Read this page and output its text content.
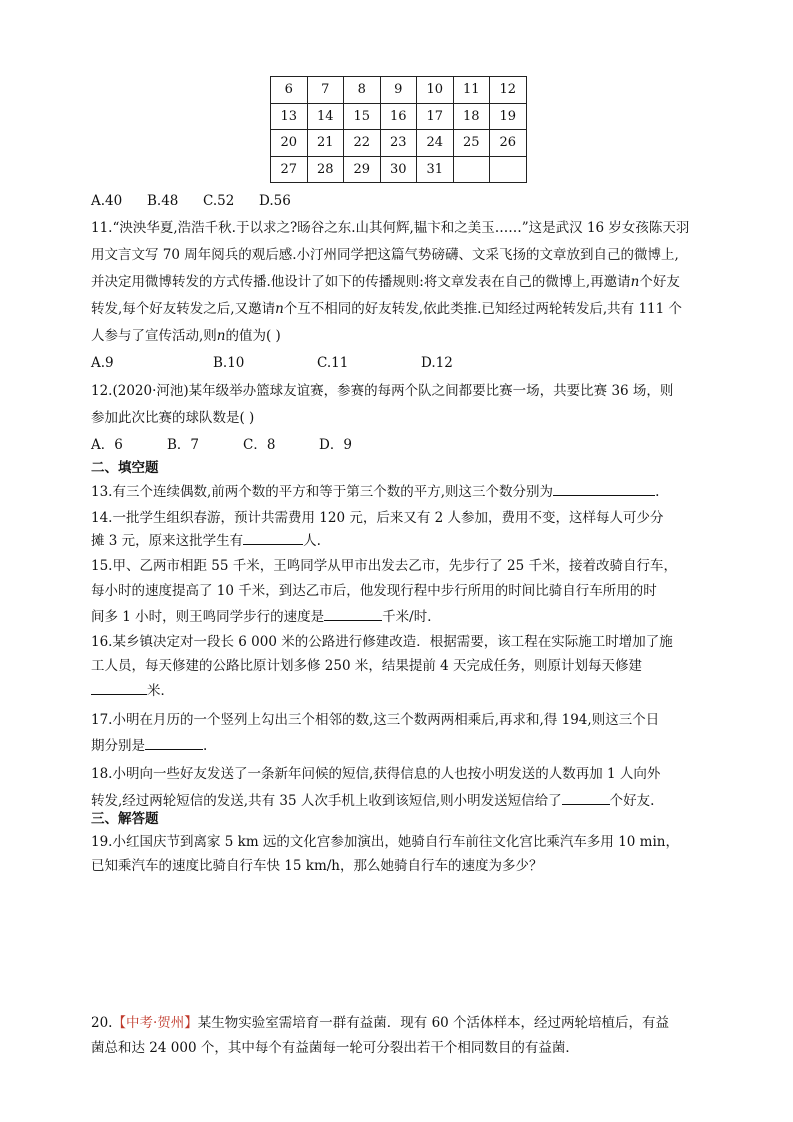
6	7	8	9	10	11	12
13	14	15	16	17	18	19
20	21	22	23	24	25	26
27	28	29	30	31		
A.40 B.48 C.52 D.56
11.“泱泱华夏,浩浩千秋.于以求之?旸谷之东.山其何辉,韫卞和之美玉……”这是武汉 16 岁女孩陈天羽
用文言文写 70 周年阅兵的观后感.小汀州同学把这篇气势磅礴、文采飞扬的文章放到自己的微博上,
并决定用微博转发的方式传播.他设计了如下的传播规则:将文章发表在自己的微博上,再邀请n个好友
转发,每个好友转发之后,又邀请n个互不相同的好友转发,依此类推.已知经过两轮转发后,共有 111 个
人参与了宣传活动,则n的值为( )
A.9	B.10	C.11	D.12
12.(2020·河池)某年级举办篮球友谊赛，参赛的每两个队之间都要比赛一场，共要比赛 36 场，则
参加此次比赛的球队数是( )
A．6	B．7	C．8	D．9
二、填空题
13.有三个连续偶数,前两个数的平方和等于第三个数的平方,则这三个数分别为	.
14.一批学生组织春游，预计共需费用 120 元，后来又有 2 人参加，费用不变，这样每人可少分
摊 3 元，原来这批学生有	人.
15.甲、乙两市相距 55 千米，王鸣同学从甲市出发去乙市，先步行了 25 千米，接着改骑自行车，
每小时的速度提高了 10 千米，到达乙市后，他发现行程中步行所用的时间比骑自行车所用的时
间多 1 小时，则王鸣同学步行的速度是	千米/时．
16.某乡镇决定对一段长 6 000 米的公路进行修建改造．根据需要，该工程在实际施工时增加了施
工人员，每天修建的公路比原计划多修 250 米，结果提前 4 天完成任务，则原计划每天修建
米．
17.小明在月历的一个竖列上勾出三个相邻的数,这三个数两两相乘后,再求和,得 194,则这三个日
期分别是	.
18.小明向一些好友发送了一条新年问候的短信,获得信息的人也按小明发送的人数再加 1 人向外
转发,经过两轮短信的发送,共有 35 人次手机上收到该短信,则小明发送短信给了	个好友.
三、解答题
19.小红国庆节到离家 5 km 远的文化宫参加演出，她骑自行车前往文化宫比乘汽车多用 10 min，
已知乘汽车的速度比骑自行车快 15 km/h，那么她骑自行车的速度为多少？
20.【中考·贺州】某生物实验室需培育一群有益菌．现有 60 个活体样本，经过两轮培植后，有益
菌总和达 24 000 个，其中每个有益菌每一轮可分裂出若干个相同数目的有益菌．
